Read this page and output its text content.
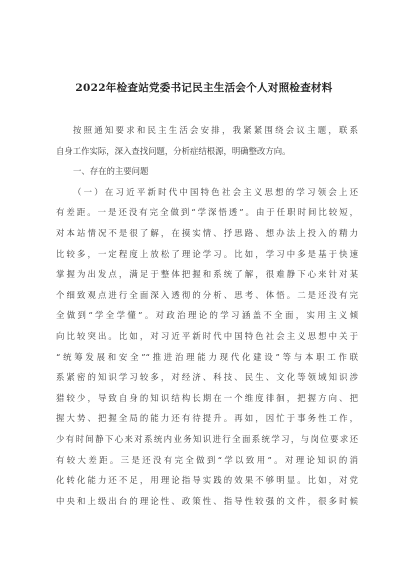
2022年检查站党委书记民主生活会个人对照检查材料
按照通知要求和民主生活会安排，我紧紧围绕会议主题，联系
自身工作实际，深入查找问题，分析症结根源，明确整改方向。
一、存在的主要问题
（一）在习近平新时代中国特色社会主义思想的学习领会上还
有差距。一是还没有完全做到“学深悟透”。由于任职时间比较短，
对本站情况不是很了解，在摸实情、抒思路、想办法上投入的精力
比较多，一定程度上放松了理论学习。比如，学习中多是基于快速
掌握为出发点，满足于整体把握和系统了解，很难静下心来针对某
个细致观点进行全面深入透彻的分析、思考、体悟。二是还没有完
全做到“学全学懂”。对政治理论的学习涵盖不全面，实用主义倾
向比较突出。比如，对习近平新时代中国特色社会主义思想中关于
“统筹发展和安全”“推进治理能力现代化建设”等与本职工作联
系紧密的知识学习较多，对经济、科技、民生、文化等领域知识涉
猎较少，导致自身的知识结构长期在一个维度徘徊，把握方向、把
握大势、把握全局的能力还有待提升。再如，因忙于事务性工作，
少有时间静下心来对系统内业务知识进行全面系统学习，与岗位要求还
有较大差距。三是还没有完全做到“学以致用”。对理论知识的消
化转化能力还不足，用理论指导实践的效果不够明显。比如，对党
中央和上级出台的理论性、政策性、指导性较强的文件，很多时候
